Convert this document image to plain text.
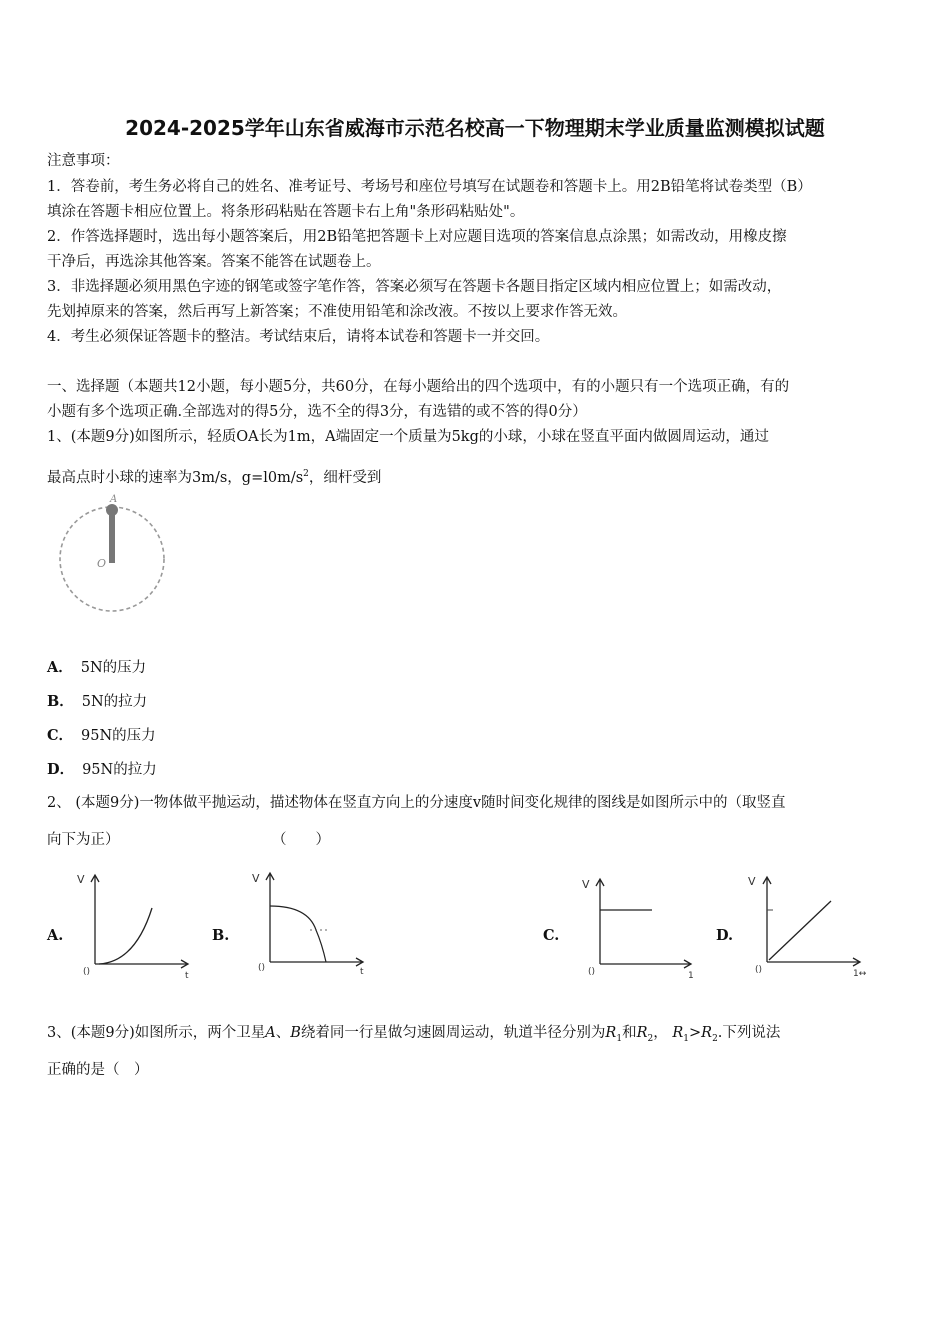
2024-2025学年山东省威海市示范名校高一下物理期末学业质量监测模拟试题
注意事项：
1．答卷前，考生务必将自己的姓名、准考证号、考场号和座位号填写在试题卷和答题卡上。用2B铅笔将试卷类型（B）
填涂在答题卡相应位置上。将条形码粘贴在答题卡右上角"条形码粘贴处"。
2．作答选择题时，选出每小题答案后，用2B铅笔把答题卡上对应题目选项的答案信息点涂黑；如需改动，用橡皮擦
干净后，再选涂其他答案。答案不能答在试题卷上。
3．非选择题必须用黑色字迹的钢笔或签字笔作答，答案必须写在答题卡各题目指定区域内相应位置上；如需改动，
先划掉原来的答案，然后再写上新答案；不准使用铅笔和涂改液。不按以上要求作答无效。
4．考生必须保证答题卡的整洁。考试结束后，请将本试卷和答题卡一并交回。
一、选择题（本题共12小题，每小题5分，共60分，在每小题给出的四个选项中，有的小题只有一个选项正确，有的
小题有多个选项正确.全部选对的得5分，选不全的得3分，有选错的或不答的得0分）
1、(本题9分)如图所示，轻质OA长为1m，A端固定一个质量为5kg的小球，小球在竖直平面内做圆周运动，通过
最高点时小球的速率为3m/s，$g=l0m/s^2$，细杆受到
A
O
A． 5N的压力
B． 5N的拉力
C． 95N的压力
D． 95N的拉力
2、 (本题9分)一物体做平抛运动，描述物体在竖直方向上的分速度v随时间变化规律的图线是如图所示中的（取竖直
向下为正）	（　　）
A.
V
()	t
B.
V
()	t
C.
V
()	1
D.
V
()	1↔
3、(本题9分)如图所示，两个卫星A、B绕着同一行星做匀速圆周运动，轨道半径分别为$R_1$和$R_2$， $R_1>R_2$.下列说法
正确的是（　）
